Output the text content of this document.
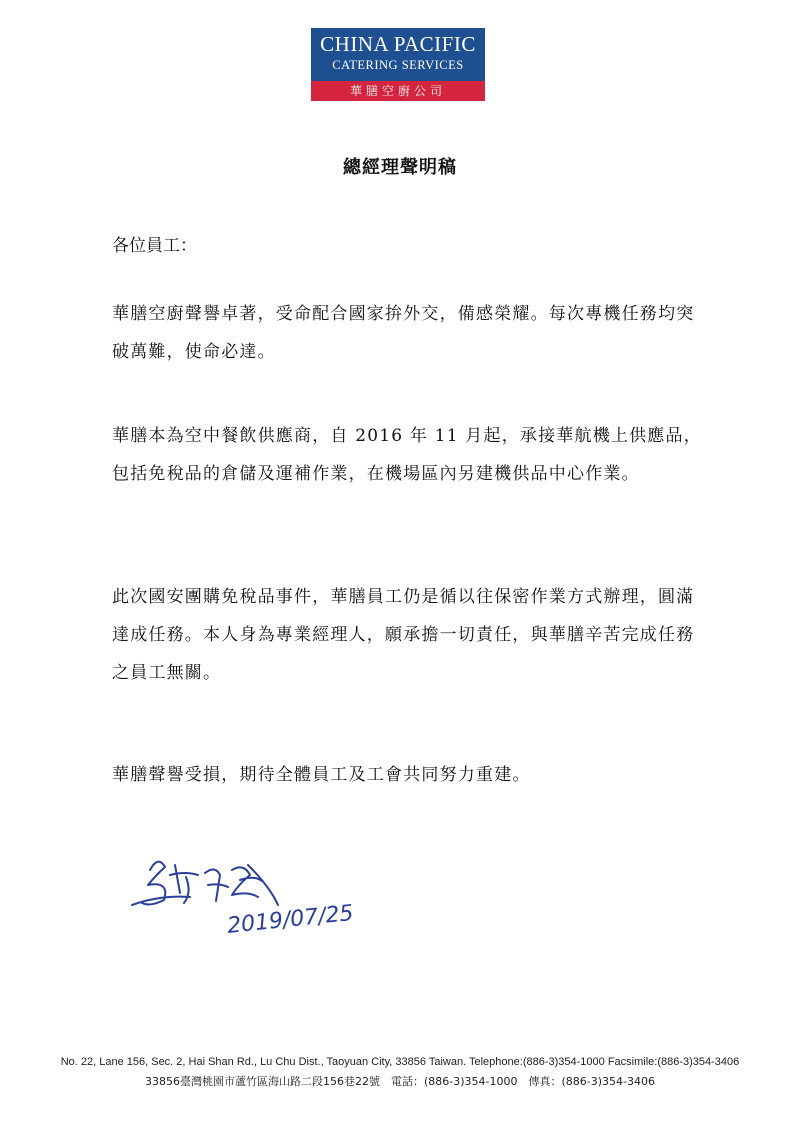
CHINA PACIFIC
CATERING SERVICES
華膳空廚公司
總經理聲明稿
各位員工：

華膳空廚聲譽卓著，受命配合國家拚外交，備感榮耀。每次專機任務均突破萬難，使命必達。

華膳本為空中餐飲供應商，自 2016 年 11 月起，承接華航機上供應品，包括免稅品的倉儲及運補作業，在機場區內另建機供品中心作業。

此次國安團購免稅品事件，華膳員工仍是循以往保密作業方式辦理，圓滿達成任務。本人身為專業經理人，願承擔一切責任，與華膳辛苦完成任務之員工無關。

華膳聲譽受損，期待全體員工及工會共同努力重建。

2019/07/25
No. 22, Lane 156, Sec. 2, Hai Shan Rd., Lu Chu Dist., Taoyuan City, 33856 Taiwan. Telephone:(886-3)354-1000 Facsimile:(886-3)354-3406
33856臺灣桃園市蘆竹區海山路二段156巷22號　電話：(886-3)354-1000　傳真：(886-3)354-3406
